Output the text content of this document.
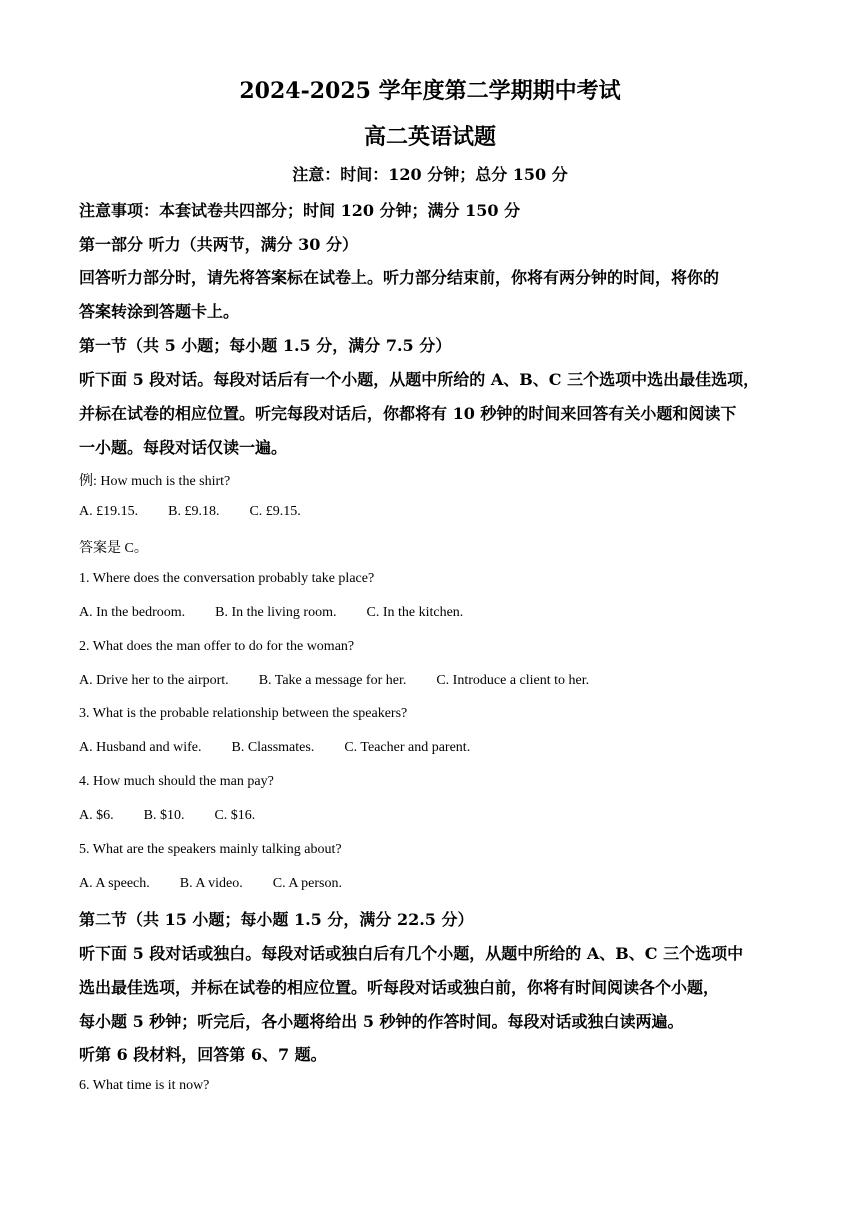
2024-2025 学年度第二学期期中考试
高二英语试题
注意：时间：120 分钟；总分 150 分
注意事项：本套试卷共四部分；时间 120 分钟；满分 150 分
第一部分 听力（共两节，满分 30 分）
回答听力部分时，请先将答案标在试卷上。听力部分结束前，你将有两分钟的时间，将你的
答案转涂到答题卡上。
第一节（共 5 小题；每小题 1.5 分，满分 7.5 分）
听下面 5 段对话。每段对话后有一个小题，从题中所给的 A、B、C 三个选项中选出最佳选项，
并标在试卷的相应位置。听完每段对话后，你都将有 10 秒钟的时间来回答有关小题和阅读下
一小题。每段对话仅读一遍。
例: How much is the shirt?
A. £19.15. B. £9.18. C. £9.15.
答案是 C。
1. Where does the conversation probably take place?
A. In the bedroom. B. In the living room. C. In the kitchen.
2. What does the man offer to do for the woman?
A. Drive her to the airport. B. Take a message for her. C. Introduce a client to her.
3. What is the probable relationship between the speakers?
A. Husband and wife. B. Classmates. C. Teacher and parent.
4. How much should the man pay?
A. $6. B. $10. C. $16.
5. What are the speakers mainly talking about?
A. A speech. B. A video. C. A person.
第二节（共 15 小题；每小题 1.5 分，满分 22.5 分）
听下面 5 段对话或独白。每段对话或独白后有几个小题，从题中所给的 A、B、C 三个选项中
选出最佳选项，并标在试卷的相应位置。听每段对话或独白前，你将有时间阅读各个小题，
每小题 5 秒钟；听完后，各小题将给出 5 秒钟的作答时间。每段对话或独白读两遍。
听第 6 段材料，回答第 6、7 题。
6. What time is it now?
